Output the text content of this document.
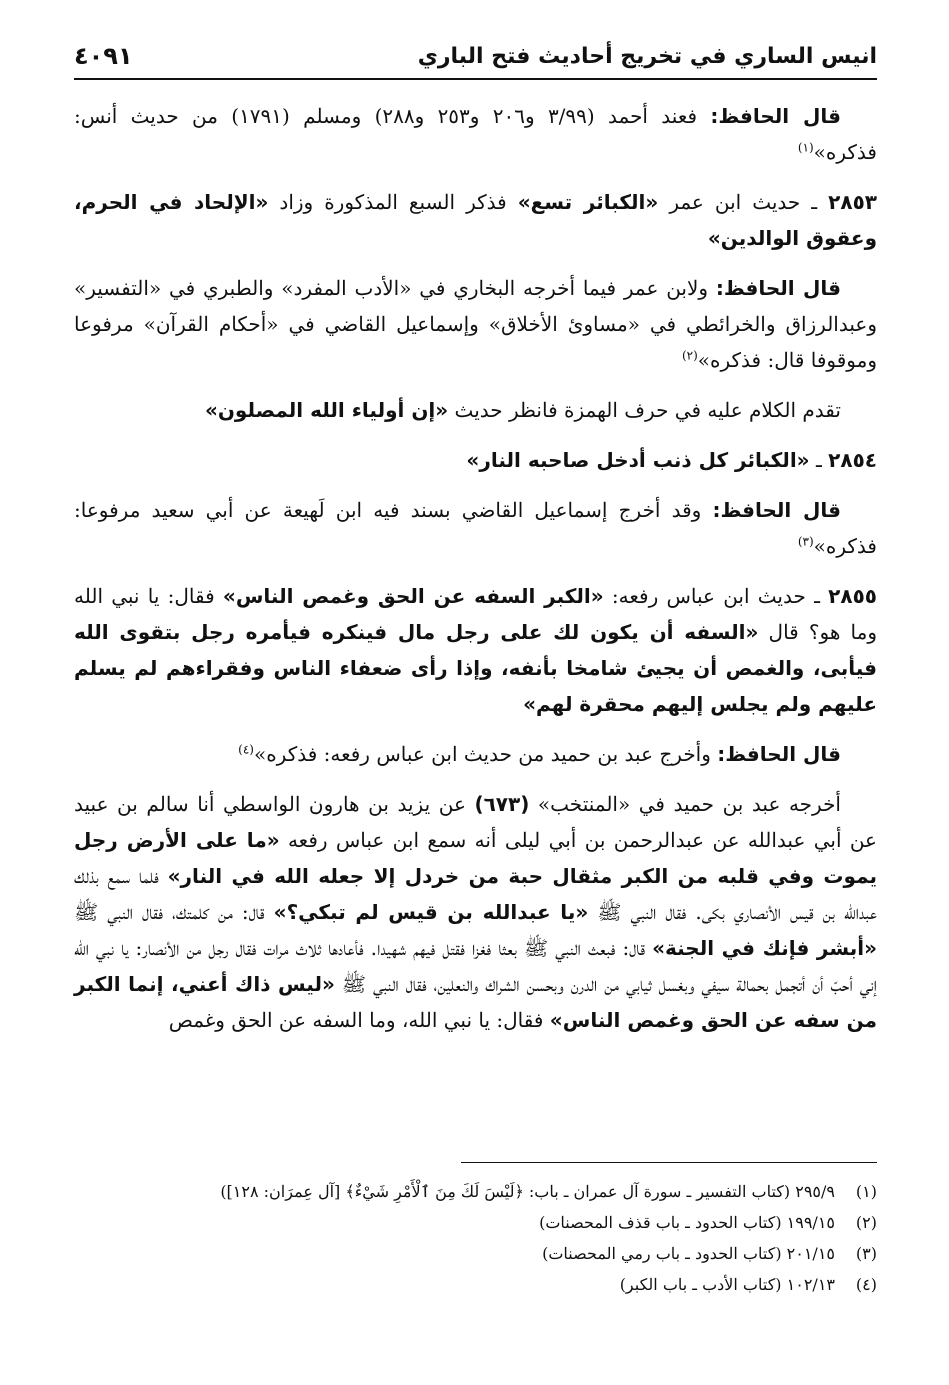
انيس الساري في تخريج أحاديث فتح الباري
٤٠٩١

قال الحافظ: فعند أحمد (٣/٩٩ و٢٠٦ و٢٥٣ و٢٨٨) ومسلم (١٧٩١) من حديث أنس: فذكره»$^{(١)}$

٢٨٥٣ ـ حديث ابن عمر «الكبائر تسع» فذكر السبع المذكورة وزاد «الإلحاد في الحرم، وعقوق الوالدين»

قال الحافظ: ولابن عمر فيما أخرجه البخاري في «الأدب المفرد» والطبري في «التفسير» وعبدالرزاق والخرائطي في «مساوئ الأخلاق» وإسماعيل القاضي في «أحكام القرآن» مرفوعا وموقوفا قال: فذكره»$^{(٢)}$

تقدم الكلام عليه في حرف الهمزة فانظر حديث «إن أولياء الله المصلون»

٢٨٥٤ ـ «الكبائر كل ذنب أدخل صاحبه النار»

قال الحافظ: وقد أخرج إسماعيل القاضي بسند فيه ابن لَهيعة عن أبي سعيد مرفوعا: فذكره»$^{(٣)}$

٢٨٥٥ ـ حديث ابن عباس رفعه: «الكبر السفه عن الحق وغمص الناس» فقال: يا نبي الله وما هو؟ قال «السفه أن يكون لك على رجل مال فينكره فيأمره رجل بتقوى الله فيأبى، والغمص أن يجيئ شامخا بأنفه، وإذا رأى ضعفاء الناس وفقراءهم لم يسلم عليهم ولم يجلس إليهم محقرة لهم»

قال الحافظ: وأخرج عبد بن حميد من حديث ابن عباس رفعه: فذكره»$^{(٤)}$

أخرجه عبد بن حميد في «المنتخب» (٦٧٣) عن يزيد بن هارون الواسطي أنا سالم بن عبيد عن أبي عبدالله عن عبدالرحمن بن أبي ليلى أنه سمع ابن عباس رفعه «ما على الأرض رجل يموت وفي قلبه من الكبر مثقال حبة من خردل إلا جعله الله في النار» فلما سمع بذلك عبدالله بن قيس الأنصاري بكى. فقال النبي ﷺ «يا عبدالله بن قيس لم تبكي؟» قال: من كلمتك، فقال النبي ﷺ «أبشر فإنك في الجنة» قال: فبعث النبي ﷺ بعثا فغزا فقتل فيهم شهيدا. فأعادها ثلاث مرات فقال رجل من الأنصار: يا نبي الله إني أحبّ أن أتجمل بحمالة سيفي وبغسل ثيابي من الدرن وبحسن الشراك والنعلين، فقال النبي ﷺ «ليس ذاك أعني، إنما الكبر من سفه عن الحق وغمص الناس» فقال: يا نبي الله، وما السفه عن الحق وغمص

(١)
٢٩٥/٩ (كتاب التفسير ـ سورة آل عمران ـ باب: ﴿لَيْسَ لَكَ مِنَ ٱلْأَمْرِ شَيْءٌ﴾ [آل عِمرَان: ١٢٨])
(٢)
١٩٩/١٥ (كتاب الحدود ـ باب قذف المحصنات)
(٣)
٢٠١/١٥ (كتاب الحدود ـ باب رمي المحصنات)
(٤)
١٠٢/١٣ (كتاب الأدب ـ باب الكبر)
